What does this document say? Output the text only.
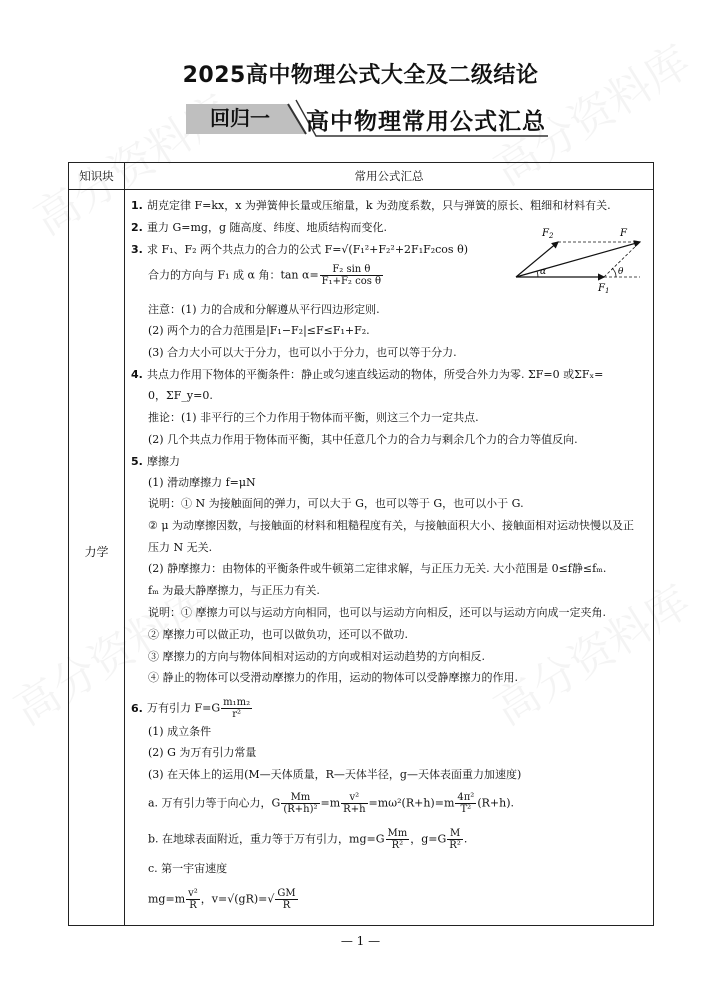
2025高中物理公式大全及二级结论
回归一	高中物理常用公式汇总
知识块	常用公式汇总
力学
1. 胡克定律 F=kx，x 为弹簧伸长量或压缩量，k 为劲度系数，只与弹簧的原长、粗细和材料有关.
2. 重力 G=mg，g 随高度、纬度、地质结构而变化.
3. 求 F₁、F₂ 两个共点力的合力的公式 F=√(F₁²+F₂²+2F₁F₂cos θ)
合力的方向与 F₁ 成 α 角：$\tan \alpha= \frac{\text{F₂ sin θ}}{\text{F₁+F₂ cos θ}}$
注意：(1) 力的合成和分解遵从平行四边形定则.
(2) 两个力的合力范围是|F₁−F₂|≤F≤F₁+F₂.
(3) 合力大小可以大于分力，也可以小于分力，也可以等于分力.
4. 共点力作用下物体的平衡条件：静止或匀速直线运动的物体，所受合外力为零. ΣF=0 或ΣFₓ=
0，ΣF_y=0.
推论：(1) 非平行的三个力作用于物体而平衡，则这三个力一定共点.
(2) 几个共点力作用于物体而平衡，其中任意几个力的合力与剩余几个力的合力等值反向.
5. 摩擦力
(1) 滑动摩擦力 f=μN
说明：① N 为接触面间的弹力，可以大于 G，也可以等于 G，也可以小于 G.
② μ 为动摩擦因数，与接触面的材料和粗糙程度有关，与接触面积大小、接触面相对运动快慢以及正
压力 N 无关.
(2) 静摩擦力：由物体的平衡条件或牛顿第二定律求解，与正压力无关. 大小范围是 0≤f静≤fₘ.
fₘ 为最大静摩擦力，与正压力有关.
说明：① 摩擦力可以与运动方向相同，也可以与运动方向相反，还可以与运动方向成一定夹角.
② 摩擦力可以做正功，也可以做负功，还可以不做功.
③ 摩擦力的方向与物体间相对运动的方向或相对运动趋势的方向相反.
④ 静止的物体可以受滑动摩擦力的作用，运动的物体可以受静摩擦力的作用.
6. 万有引力 $F=G \frac{\text{m₁m₂}}{\text{r²}}$
(1) 成立条件
(2) G 为万有引力常量
(3) 在天体上的运用(M—天体质量，R—天体半径，g—天体表面重力加速度)
a. 万有引力等于向心力，G $\frac{Mm}{\text{(R+h)²}} =m \frac{\text{v²}}{R+h} =m\omega^2(R+h)=m \frac{\text{4π²}}{\text{T²}} (R+h)$.
b. 在地球表面附近，重力等于万有引力，$mg=G \frac{Mm}{\text{R²}}$ ，$g=G \frac{M}{\text{R²}}$ .
c. 第一宇宙速度
$mg=m \frac{\text{v²}}{R}$ ，$v=√(gR)=√ \frac{GM}{R}$
$F_2$	F
$F_1$
α	θ
— 1 —
